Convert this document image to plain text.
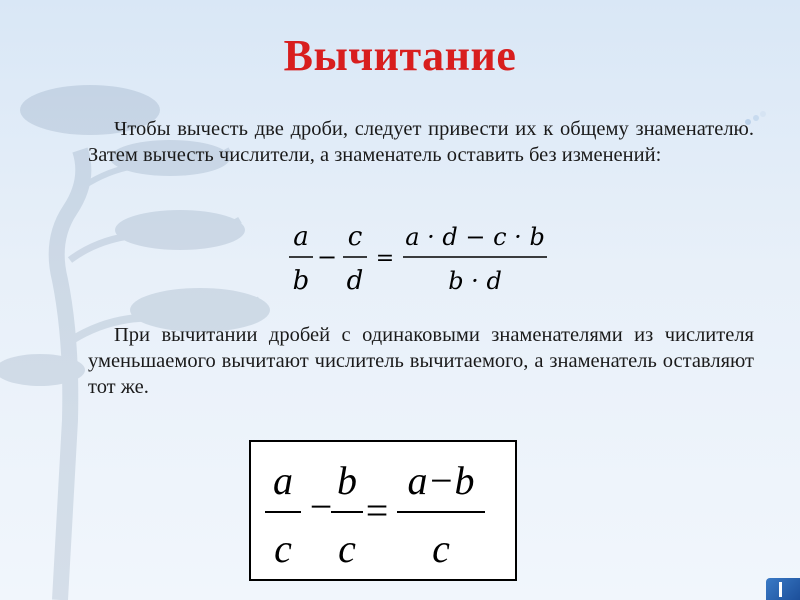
Вычитание
Чтобы вычесть две дроби, следует привести их к общему знаменателю. Затем вычесть числители, а знаменатель оставить без изменений:
a
b
−
c
d
=
a · d − c · b
b · d
При вычитании дробей с одинаковыми знаменателями из числителя уменьшаемого вычитают числитель вычитаемого, а знаменатель оставляют тот же.
a
c
−
b
c
=
a−b
c
